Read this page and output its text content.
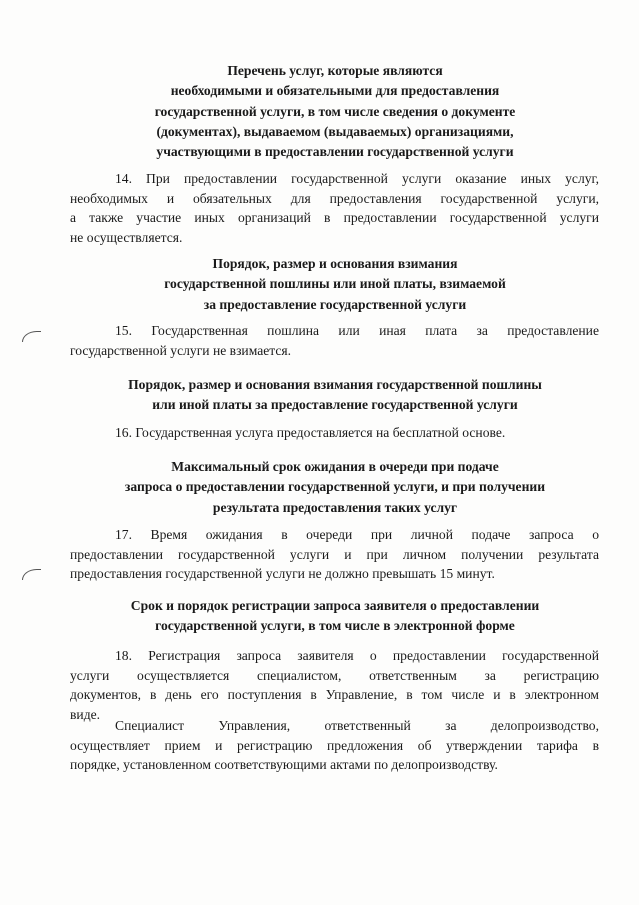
Перечень услуг, которые являются
необходимыми и обязательными для предоставления
государственной услуги, в том числе сведения о документе
(документах), выдаваемом (выдаваемых) организациями,
участвующими в предоставлении государственной услуги
14. При предоставлении государственной услуги оказание иных услуг,
необходимых и обязательных для предоставления государственной услуги,
а также участие иных организаций в предоставлении государственной услуги
не осуществляется.
Порядок, размер и основания взимания
государственной пошлины или иной платы, взимаемой
за предоставление государственной услуги
15. Государственная пошлина или иная плата за предоставление
государственной услуги не взимается.
Порядок, размер и основания взимания государственной пошлины
или иной платы за предоставление государственной услуги
16. Государственная услуга предоставляется на бесплатной основе.
Максимальный срок ожидания в очереди при подаче
запроса о предоставлении государственной услуги, и при получении
результата предоставления таких услуг
17. Время ожидания в очереди при личной подаче запроса о
предоставлении государственной услуги и при личном получении результата
предоставления государственной услуги не должно превышать 15 минут.
Срок и порядок регистрации запроса заявителя о предоставлении
государственной услуги, в том числе в электронной форме
18. Регистрация запроса заявителя о предоставлении государственной
услуги осуществляется специалистом, ответственным за регистрацию
документов, в день его поступления в Управление, в том числе и в электронном
виде.
Специалист Управления, ответственный за делопроизводство,
осуществляет прием и регистрацию предложения об утверждении тарифа в
порядке, установленном соответствующими актами по делопроизводству.
